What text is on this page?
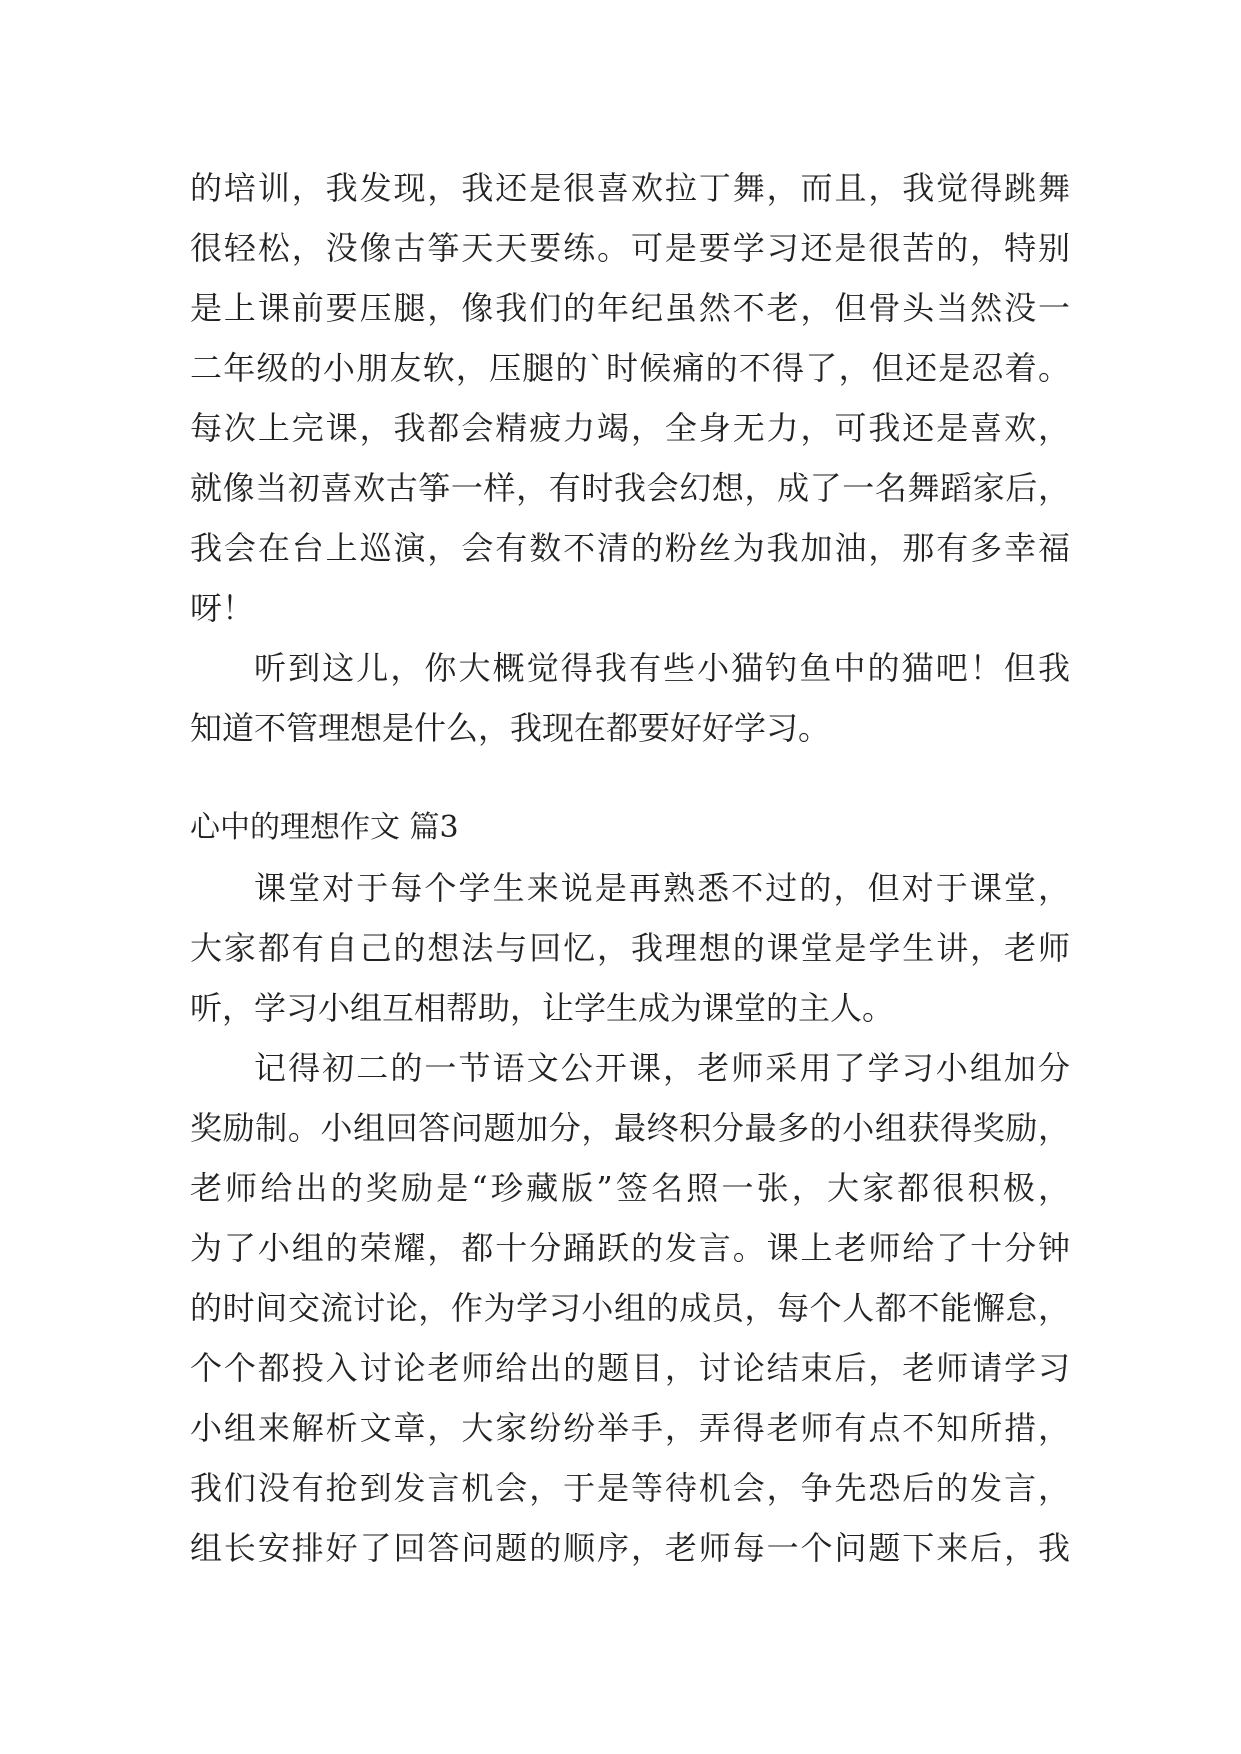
的培训，我发现，我还是很喜欢拉丁舞，而且，我觉得跳舞
很轻松，没像古筝天天要练。可是要学习还是很苦的，特别
是上课前要压腿，像我们的年纪虽然不老，但骨头当然没一
二年级的小朋友软，压腿的`时候痛的不得了，但还是忍着。
每次上完课，我都会精疲力竭，全身无力，可我还是喜欢，
就像当初喜欢古筝一样，有时我会幻想，成了一名舞蹈家后，
我会在台上巡演，会有数不清的粉丝为我加油，那有多幸福
呀！
听到这儿，你大概觉得我有些小猫钓鱼中的猫吧！但我
知道不管理想是什么，我现在都要好好学习。
心中的理想作文 篇3
课堂对于每个学生来说是再熟悉不过的，但对于课堂，
大家都有自己的想法与回忆，我理想的课堂是学生讲，老师
听，学习小组互相帮助，让学生成为课堂的主人。
记得初二的一节语文公开课，老师采用了学习小组加分
奖励制。小组回答问题加分，最终积分最多的小组获得奖励，
老师给出的奖励是“珍藏版”签名照一张，大家都很积极，
为了小组的荣耀，都十分踊跃的发言。课上老师给了十分钟
的时间交流讨论，作为学习小组的成员，每个人都不能懈怠，
个个都投入讨论老师给出的题目，讨论结束后，老师请学习
小组来解析文章，大家纷纷举手，弄得老师有点不知所措，
我们没有抢到发言机会，于是等待机会，争先恐后的发言，
组长安排好了回答问题的顺序，老师每一个问题下来后，我
